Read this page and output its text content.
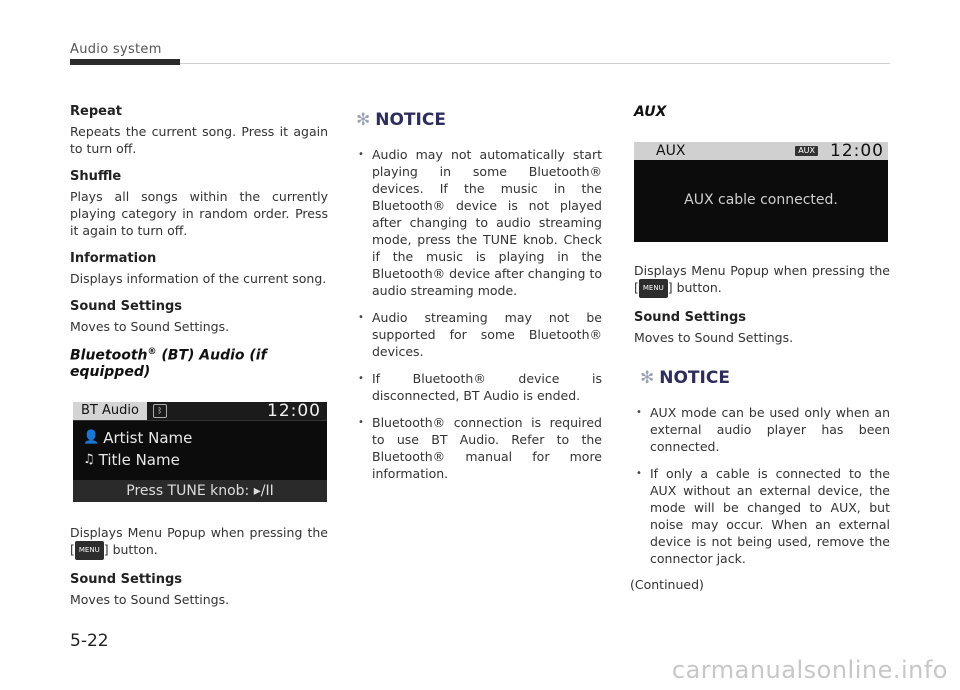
Audio system
Repeat
Repeats the current song. Press it again to turn off.
Shuffle
Plays all songs within the currently playing category in random order. Press it again to turn off.
Information
Displays information of the current song.
Sound Settings
Moves to Sound Settings.
Bluetooth® (BT) Audio (if equipped)
BT Audio	ᛒ	12:00
👤 Artist Name
♫ Title Name
Press TUNE knob: ▸/II
Displays Menu Popup when pressing the [ MENU ] button.
Sound Settings
Moves to Sound Settings.
✻ NOTICE
• Audio may not automatically start playing in some Bluetooth® devices. If the music in the Bluetooth® device is not played after changing to audio streaming mode, press the TUNE knob. Check if the music is playing in the Bluetooth® device after changing to audio streaming mode.
• Audio streaming may not be supported for some Bluetooth® devices.
• If Bluetooth® device is disconnected, BT Audio is ended.
• Bluetooth® connection is required to use BT Audio. Refer to the Bluetooth® manual for more information.
AUX
AUX	AUX 12:00
AUX cable connected.
Displays Menu Popup when pressing the [ MENU ] button.
Sound Settings
Moves to Sound Settings.
✻ NOTICE
• AUX mode can be used only when an external audio player has been connected.
• If only a cable is connected to the AUX without an external device, the mode will be changed to AUX, but noise may occur. When an external device is not being used, remove the connector jack.
(Continued)
5-22
carmanualsonline.info
